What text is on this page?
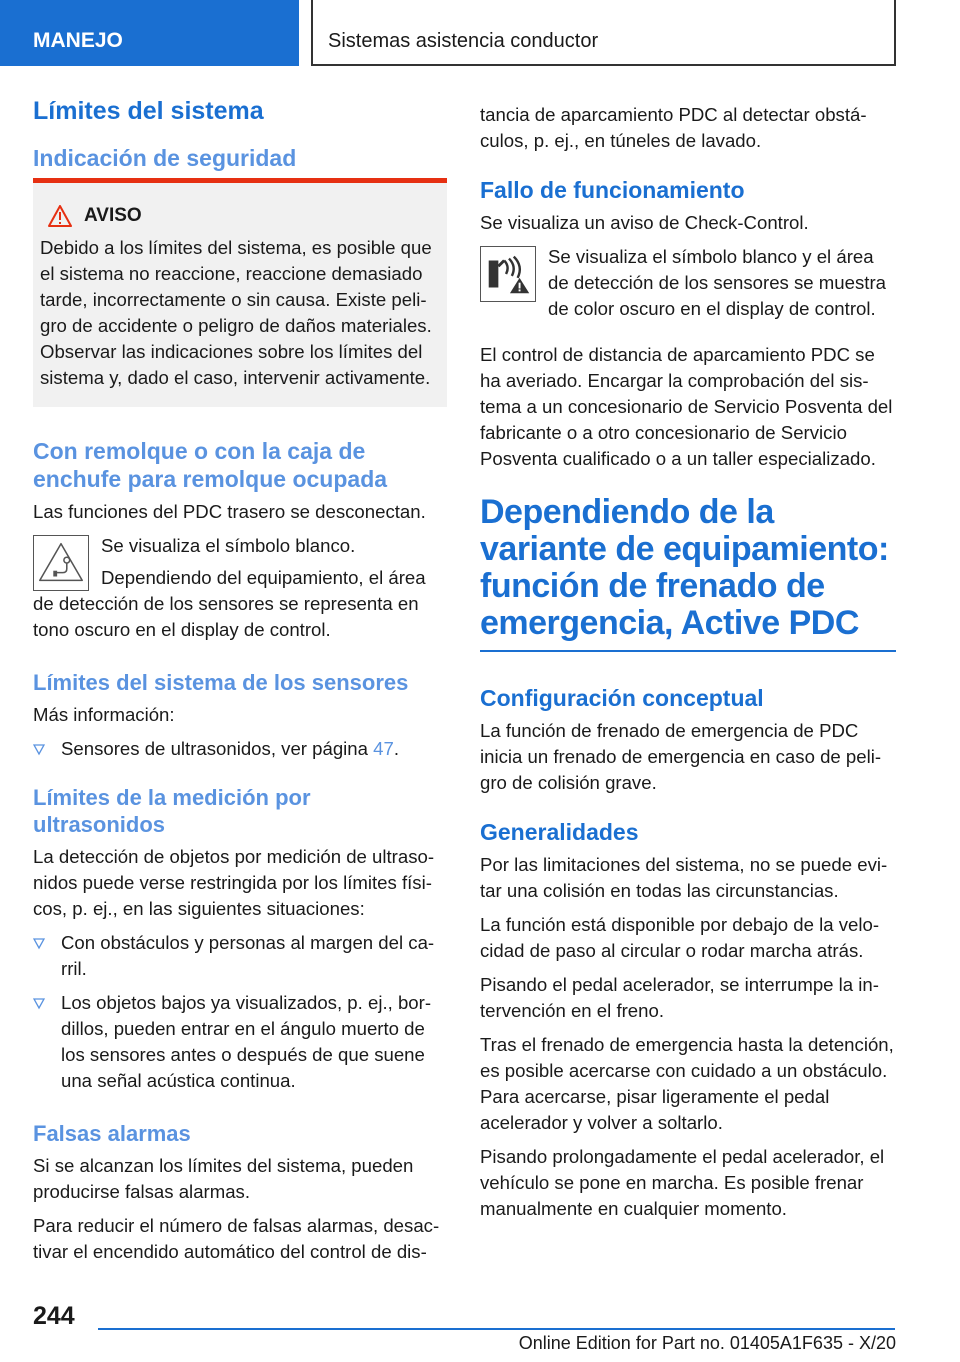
MANEJO	Sistemas asistencia conductor
Límites del sistema
Indicación de seguridad
AVISO

Debido a los límites del sistema, es posible que el sistema no reaccione, reaccione demasiado tarde, incorrectamente o sin causa. Existe peligro de accidente o peligro de daños materiales. Observar las indicaciones sobre los límites del sistema y, dado el caso, intervenir activamente.

Con remolque o con la caja de enchufe para remolque ocupada

Las funciones del PDC trasero se desconectan.

Se visualiza el símbolo blanco.

Dependiendo del equipamiento, el área de detección de los sensores se representa en tono oscuro en el display de control.

Límites del sistema de los sensores

Más información:

Sensores de ultrasonidos, ver página 47.
Límites de la medición por ultrasonidos

La detección de objetos por medición de ultrasonidos puede verse restringida por los límites físicos, p. ej., en las siguientes situaciones:

Con obstáculos y personas al margen del carril.
Los objetos bajos ya visualizados, p. ej., bordillos, pueden entrar en el ángulo muerto de los sensores antes o después de que suene una señal acústica continua.
Falsas alarmas

Si se alcanzan los límites del sistema, pueden producirse falsas alarmas.

Para reducir el número de falsas alarmas, desactivar el encendido automático del control de dis-

tancia de aparcamiento PDC al detectar obstáculos, p. ej., en túneles de lavado.

Fallo de funcionamiento

Se visualiza un aviso de Check-Control.

Se visualiza el símbolo blanco y el área de detección de los sensores se muestra de color oscuro en el display de control.

El control de distancia de aparcamiento PDC se ha averiado. Encargar la comprobación del sistema a un concesionario de Servicio Posventa del fabricante o a otro concesionario de Servicio Posventa cualificado o a un taller especializado.

Dependiendo de la variante de equipamiento: función de frenado de emergencia, Active PDC
Configuración conceptual

La función de frenado de emergencia de PDC inicia un frenado de emergencia en caso de peligro de colisión grave.

Generalidades

Por las limitaciones del sistema, no se puede evitar una colisión en todas las circunstancias.

La función está disponible por debajo de la velocidad de paso al circular o rodar marcha atrás.

Pisando el pedal acelerador, se interrumpe la intervención en el freno.

Tras el frenado de emergencia hasta la detención, es posible acercarse con cuidado a un obstáculo. Para acercarse, pisar ligeramente el pedal acelerador y volver a soltarlo.

Pisando prolongadamente el pedal acelerador, el vehículo se pone en marcha. Es posible frenar manualmente en cualquier momento.

244
Online Edition for Part no. 01405A1F635 - X/20
